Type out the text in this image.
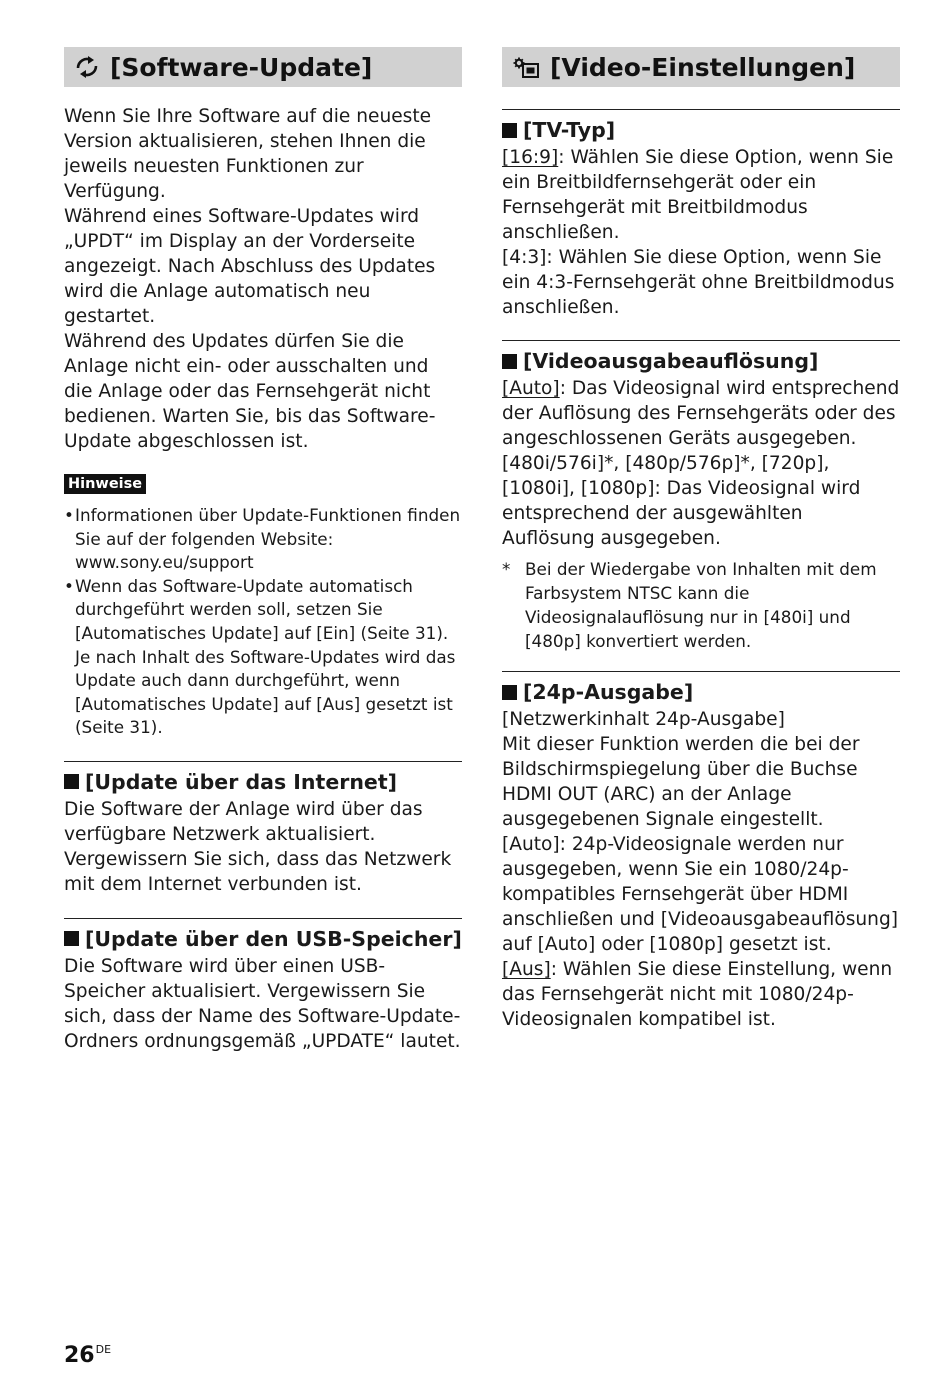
[Software-Update]

Wenn Sie Ihre Software auf die neueste Version aktualisieren, stehen Ihnen die jeweils neuesten Funktionen zur Verfügung.

Während eines Software-Updates wird „UPDT“ im Display an der Vorderseite angezeigt. Nach Abschluss des Updates wird die Anlage automatisch neu gestartet.

Während des Updates dürfen Sie die Anlage nicht ein- oder ausschalten und die Anlage oder das Fernsehgerät nicht bedienen. Warten Sie, bis das Software-Update abgeschlossen ist.

Hinweise
• Informationen über Update-Funktionen finden Sie auf der folgenden Website: www.sony.eu/support
• Wenn das Software-Update automatisch durchgeführt werden soll, setzen Sie [Automatisches Update] auf [Ein] (Seite 31). Je nach Inhalt des Software-Updates wird das Update auch dann durchgeführt, wenn [Automatisches Update] auf [Aus] gesetzt ist (Seite 31).
[Update über das Internet]

Die Software der Anlage wird über das verfügbare Netzwerk aktualisiert. Vergewissern Sie sich, dass das Netzwerk mit dem Internet verbunden ist.

[Update über den USB-Speicher]

Die Software wird über einen USB-Speicher aktualisiert. Vergewissern Sie sich, dass der Name des Software-Update-Ordners ordnungsgemäß „UPDATE“ lautet.

[Video-Einstellungen]
[TV-Typ]

[16:9]: Wählen Sie diese Option, wenn Sie ein Breitbildfernsehgerät oder ein Fernsehgerät mit Breitbildmodus anschließen.

[4:3]: Wählen Sie diese Option, wenn Sie ein 4:3-Fernsehgerät ohne Breitbildmodus anschließen.

[Videoausgabeauflösung]

[Auto]: Das Videosignal wird entsprechend der Auflösung des Fernsehgeräts oder des angeschlossenen Geräts ausgegeben.

[480i/576i]*, [480p/576p]*, [720p], [1080i], [1080p]: Das Videosignal wird entsprechend der ausgewählten Auflösung ausgegeben.

* Bei der Wiedergabe von Inhalten mit dem Farbsystem NTSC kann die Videosignalauflösung nur in [480i] und [480p] konvertiert werden.
[24p-Ausgabe]

[Netzwerkinhalt 24p-Ausgabe]

Mit dieser Funktion werden die bei der Bildschirmspiegelung über die Buchse HDMI OUT (ARC) an der Anlage ausgegebenen Signale eingestellt.

[Auto]: 24p-Videosignale werden nur ausgegeben, wenn Sie ein 1080/24p-kompatibles Fernsehgerät über HDMI anschließen und [Videoausgabeauflösung] auf [Auto] oder [1080p] gesetzt ist.

[Aus]: Wählen Sie diese Einstellung, wenn das Fernsehgerät nicht mit 1080/24p-Videosignalen kompatibel ist.

26DE
